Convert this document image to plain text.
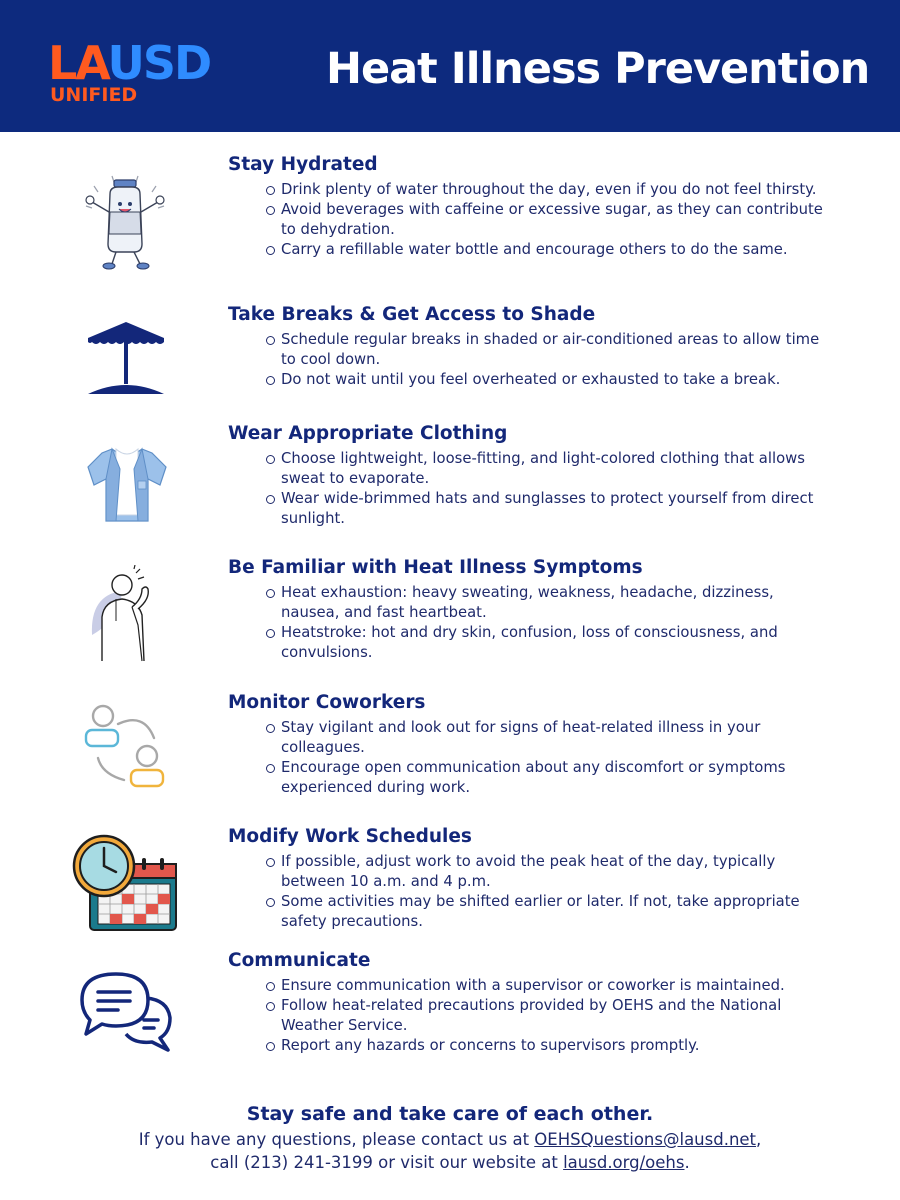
LAUSD
UNIFIED
Heat Illness Prevention
Stay Hydrated
Drink plenty of water throughout the day, even if you do not feel thirsty.
Avoid beverages with caffeine or excessive sugar, as they can contribute to dehydration.
Carry a refillable water bottle and encourage others to do the same.
Take Breaks & Get Access to Shade
Schedule regular breaks in shaded or air-conditioned areas to allow time to cool down.
Do not wait until you feel overheated or exhausted to take a break.
Wear Appropriate Clothing
Choose lightweight, loose-fitting, and light-colored clothing that allows sweat to evaporate.
Wear wide-brimmed hats and sunglasses to protect yourself from direct sunlight.
Be Familiar with Heat Illness Symptoms
Heat exhaustion: heavy sweating, weakness, headache, dizziness, nausea, and fast heartbeat.
Heatstroke: hot and dry skin, confusion, loss of consciousness, and convulsions.
Monitor Coworkers
Stay vigilant and look out for signs of heat-related illness in your colleagues.
Encourage open communication about any discomfort or symptoms experienced during work.
Modify Work Schedules
If possible, adjust work to avoid the peak heat of the day, typically between 10 a.m. and 4 p.m.
Some activities may be shifted earlier or later. If not, take appropriate safety precautions.
Communicate
Ensure communication with a supervisor or coworker is maintained.
Follow heat-related precautions provided by OEHS and the National Weather Service.
Report any hazards or concerns to supervisors promptly.
Stay safe and take care of each other.
If you have any questions, please contact us at OEHSQuestions@lausd.net,
call (213) 241-3199 or visit our website at lausd.org/oehs.
